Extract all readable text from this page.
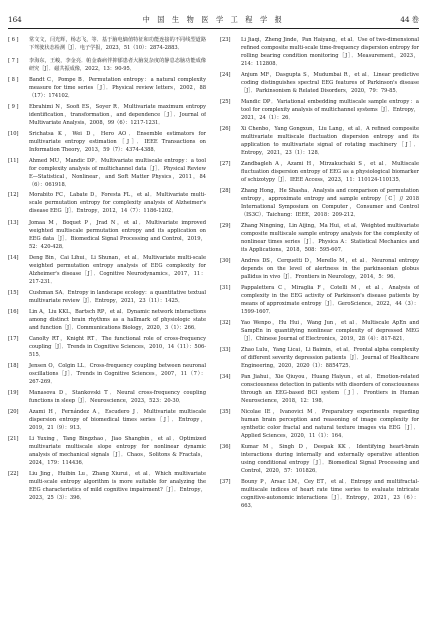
164	中 国 生 物 医 学 工 程 学 报	44 卷
[ 6 ]	常文文，闫光辉，杨志飞，等．基于脑电熵值特征和功能连接的不同线型道路下驾驶状态检测［J］．电子学报，2023，51（10）：2874-2883．
[ 7 ]	李海东，王峻，李金亮．帕金森病伴抑郁患者大脑复杂度的静息态脑功能成像研究［J］．磁共振成像，2022，13：90-95．
[ 8 ]	Bandt C，Pompe B．Permutation entropy：a natural complexity measure for time series［J］．Physical review letters，2002，88（17）：174102．
[ 9 ]	Ebrahimi N，Soofi ES，Soyer R．Multivariate maximum entropy identification，transformation，and dependence［J］．Journal of Multivariate Analysis，2008，99（6）：1217-1231．
[10]	Srichatsa K，Wei D，Hero AO．Ensemble estimators for multivariate entropy estimation［J］．IEEE Transactions on Information Theory，2013，59（7）：4374-4388．
[11]	Ahmed MU，Mandic DP．Multivariate multiscale entropy：a tool for complexity analysis of multichannel data［J］．Physical Review E—Statistical，Nonlinear，and Soft Matter Physics，2011，84（6）：061918．
[12]	Morabito FC，Labate D，Foresta FL，et al．Multivariate multi-scale permutation entropy for complexity analysis of Alzheimer's disease EEG［J］．Entropy，2012，14（7）：1186-1202．
[13]	Jomaa M，Boquet P，Jrad N，et al．Multivariate improved weighted multiscale permutation entropy and its application on EEG data［J］．Biomedical Signal Processing and Control，2019，52：420-428．
[14]	Deng Bin，Cai Lihui，Li Shunan，et al．Multivariate multi-scale weighted permutation entropy analysis of EEG complexity for Alzheimer's disease［J］．Cognitive Neurodynamics，2017，11：217-231．
[15]	Cushman SA．Entropy in landscape ecology：a quantitative textual multivariate review［J］．Entropy，2021，23（11）：1425．
[16]	Lin A，Liu KKL，Bartsch RP，et al．Dynamic network interactions among distinct brain rhythms as a hallmark of physiologic state and function［J］．Communications Biology，2020，3（1）：266．
[17]	Canolty RT，Knight RT．The functional role of cross-frequency coupling［J］．Trends in Cognitive Sciences，2010，14（11）：506-515．
[18]	Jensen O，Colgin LL．Cross-frequency coupling between neuronal oscillations［J］．Trends in Cognitive Sciences，2007，11（7）：267-269．
[19]	Manasova D，Stankovski T．Neural cross-frequency coupling functions in sleep［J］．Neuroscience，2023，523：20-30．
[20]	Azami H，Fernández A，Escudero J．Multivariate multiscale dispersion entropy of biomedical times series［J］．Entropy，2019，21（9）：913．
[21]	Li Yuxing，Tang Bingzhao，Jiao Shangbin，et al．Optimized multivariate multiscale slope entropy for nonlinear dynamic analysis of mechanical signals［J］．Chaos，Solitons & Fractals，2024，179：114436．
[22]	Liu Jing，Huibin Lu，Zhang Xiurui，et al．Which multivariate multi-scale entropy algorithm is more suitable for analyzing the EEG characteristics of mild cognitive impairment?［J］．Entropy，2023，25（3）：396．
[23]	Li Jiaqi，Zheng Jinde，Pan Haiyang，et al．Use of two-dimensional refined composite multi-scale time-frequency dispersion entropy for rolling bearing condition monitoring［J］．Measurement，2023，214：112808．
[24]	Anjum MF，Dasgupta S，Mudumbai R，et al．Linear predictive coding distinguishes spectral EEG features of Parkinson's disease［J］．Parkinsonism & Related Disorders，2020，79：79-85．
[25]	Mandic DP．Variational embedding multiscale sample entropy：a tool for complexity analysis of multichannel systems［J］．Entropy，2021，24（1）：26．
[26]	Xi Chenbo，Yang Gongxun，Liu Lang，et al．A refined composite multivariate multiscale fluctuation dispersion entropy and its application to multivariate signal of rotating machinery［J］．Entropy，2021，23（1）：128．
[27]	Zandbagleh A，Azami H，Mirzakuchaki S，et al．Multiscale fluctuation dispersion entropy of EEG as a physiological biomarker of schizotypy［J］．IEEE Access，2023，11：110124-110135．
[28]	Zhang Hong，He Shasha．Analysis and comparison of permutation entropy，approximate entropy and sample entropy［C］// 2018 International Symposium on Computer，Consumer and Control（IS3C）．Taichung：IEEE，2018：209-212．
[29]	Zhang Ningning，Lin Aijing，Ma Hui，et al．Weighted multivariate composite multiscale sample entropy analysis for the complexity of nonlinear times series［J］．Physica A：Statistical Mechanics and its Applications，2018，508：595-607．
[30]	Andres DS，Cerquetti D，Merello M，et al．Neuronal entropy depends on the level of alertness in the parkinsonian globus pallidus in vivo［J］．Frontiers in Neurology，2014，5：96．
[31]	Pappalettera C，Miraglia F，Cotelli M，et al．Analysis of complexity in the EEG activity of Parkinson's disease patients by means of approximate entropy［J］．GeroScience，2022，44（3）：1599-1607．
[32]	Yao Wenpo，Hu Hui，Wang Jun，et al．Multiscale ApEn and SampEn in quantifying nonlinear complexity of depressed MEG［J］．Chinese Journal of Electronics，2019，28（4）：817-821．
[33]	Zhao Lulu，Yang Licai，Li Baimin，et al．Frontal alpha complexity of different severity depression patients［J］．Journal of Healthcare Engineering，2020，2020（1）：8854725．
[34]	Pan Jiahui，Xie Qiuyou，Huang Haiyun，et al．Emotion-related consciousness detection in patients with disorders of consciousness through an EEG-based BCI system［J］．Frontiers in Human Neuroscience，2018，12：198．
[35]	Nicolae IE，Ivanovici M．Preparatory experiments regarding human brain perception and reasoning of image complexity for synthetic color fractal and natural texture images via EEG［J］．Applied Sciences，2020，11（1）：164．
[36]	Kumar M，Singh D，Deepak KK．Identifying heart-brain interactions during internally and externally operative attention using conditional entropy［J］．Biomedical Signal Processing and Control，2020，57：101826．
[37]	Bouny P，Arsac LM，Cey ET，et al．Entropy and multifractal-multiscale indices of heart rate time series to evaluate intricate cognitive-autonomic interactions［J］．Entropy，2021，23（6）：663．
